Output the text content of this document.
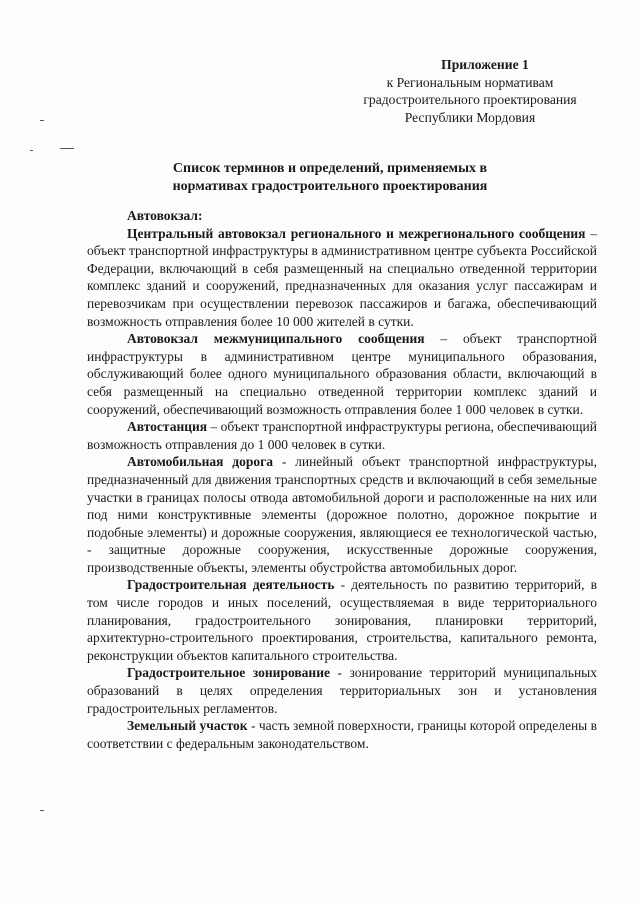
Приложение 1
к Региональным нормативам
градостроительного проектирования
Республики Мордовия
Список терминов и определений, применяемых в
нормативах градостроительного проектирования

Автовокзал:

Центральный автовокзал регионального и межрегионального сообщения – объект транспортной инфраструктуры в административном центре субъекта Российской Федерации, включающий в себя размещенный на специально отведенной территории комплекс зданий и сооружений, предназначенных для оказания услуг пассажирам и перевозчикам при осуществлении перевозок пассажиров и багажа, обеспечивающий возможность отправления более 10 000 жителей в сутки.

Автовокзал межмуниципального сообщения – объект транспортной инфраструктуры в административном центре муниципального образования, обслуживающий более одного муниципального образования области, включающий в себя размещенный на специально отведенной территории комплекс зданий и сооружений, обеспечивающий возможность отправления более 1 000 человек в сутки.

Автостанция – объект транспортной инфраструктуры региона, обеспечивающий возможность отправления до 1 000 человек в сутки.

Автомобильная дорога - линейный объект транспортной инфраструктуры, предназначенный для движения транспортных средств и включающий в себя земельные участки в границах полосы отвода автомобильной дороги и расположенные на них или под ними конструктивные элементы (дорожное полотно, дорожное покрытие и подобные элементы) и дорожные сооружения, являющиеся ее технологической частью, - защитные дорожные сооружения, искусственные дорожные сооружения, производственные объекты, элементы обустройства автомобильных дорог.

Градостроительная деятельность - деятельность по развитию территорий, в том числе городов и иных поселений, осуществляемая в виде территориального планирования, градостроительного зонирования, планировки территорий, архитектурно-строительного проектирования, строительства, капитального ремонта, реконструкции объектов капитального строительства.

Градостроительное зонирование - зонирование территорий муниципальных образований в целях определения территориальных зон и установления градостроительных регламентов.

Земельный участок - часть земной поверхности, границы которой определены в соответствии с федеральным законодательством.
